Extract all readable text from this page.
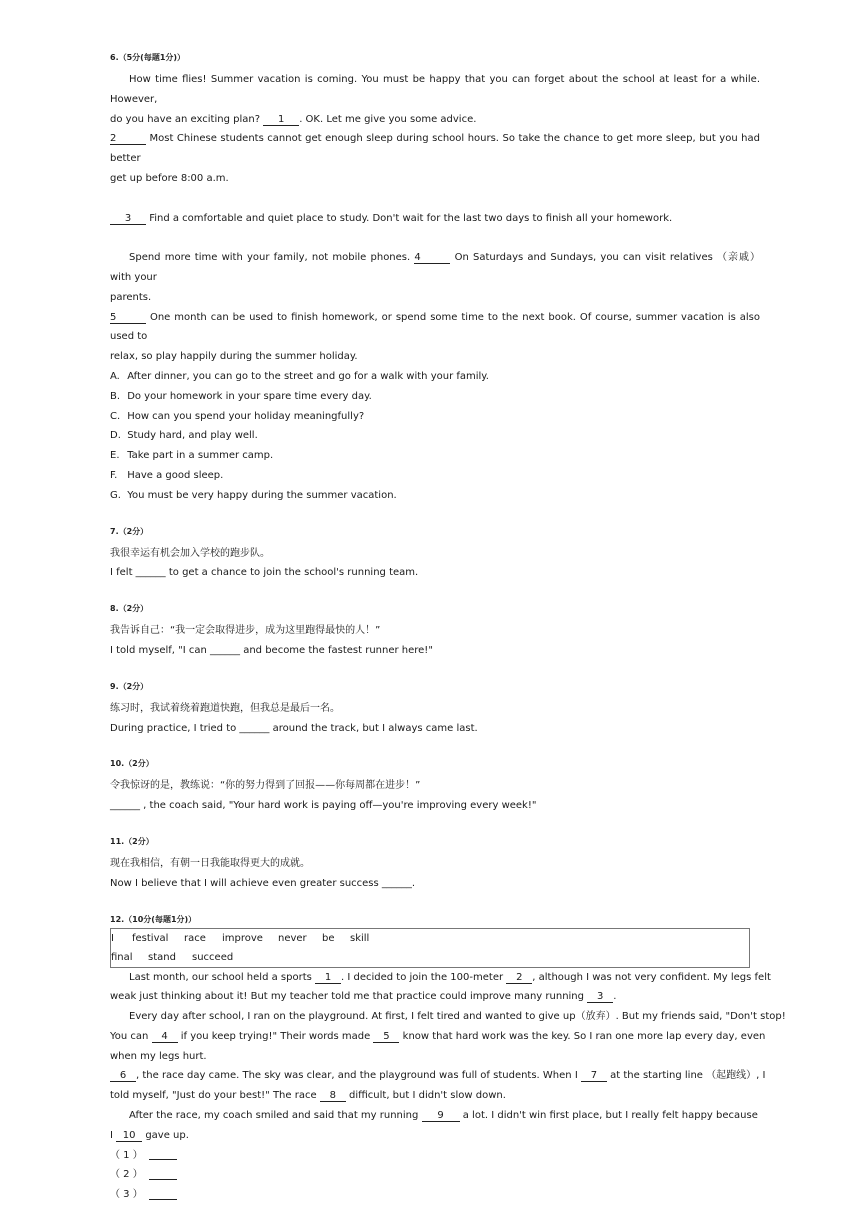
6.（5分(每题1分)）
How time flies! Summer vacation is coming. You must be happy that you can forget about the school at least for a while. However,
do you have an exciting plan? 1 . OK. Let me give you some advice.
2	Most Chinese students cannot get enough sleep during school hours. So take the chance to get more sleep, but you had better
get up before 8:00 a.m.
3 Find a comfortable and quiet place to study. Don't wait for the last two days to finish all your homework.
Spend more time with your family, not mobile phones. 4	On Saturdays and Sundays, you can visit relatives （亲戚） with your
parents.
5	One month can be used to finish homework, or spend some time to the next book. Of course, summer vacation is also used to
relax, so play happily during the summer holiday.
A. After dinner, you can go to the street and go for a walk with your family.
B. Do your homework in your spare time every day.
C. How can you spend your holiday meaningfully?
D. Study hard, and play well.
E. Take part in a summer camp.
F. Have a good sleep.
G. You must be very happy during the summer vacation.
7.（2分）
我很幸运有机会加入学校的跑步队。
I felt ______ to get a chance to join the school's running team.
8.（2分）
我告诉自己：“我一定会取得进步，成为这里跑得最快的人！”
I told myself, "I can ______ and become the fastest runner here!"
9.（2分）
练习时，我试着绕着跑道快跑，但我总是最后一名。
During practice, I tried to ______ around the track, but I always came last.
10.（2分）
令我惊讶的是，教练说：“你的努力得到了回报——你每周都在进步！”
______ , the coach said, "Your hard work is paying off—you're improving every week!"
11.（2分）
现在我相信，有朝一日我能取得更大的成就。
Now I believe that I will achieve even greater success ______.
12.（10分(每题1分)）
I festival race improve never be skill
final stand succeed
Last month, our school held a sports 1 . I decided to join the 100-meter 2 , although I was not very confident. My legs felt
weak just thinking about it! But my teacher told me that practice could improve many running 3 .
Every day after school, I ran on the playground. At first, I felt tired and wanted to give up（放弃）. But my friends said, "Don't stop!
You can 4 if you keep trying!" Their words made 5 know that hard work was the key. So I ran one more lap every day, even
when my legs hurt.
6 , the race day came. The sky was clear, and the playground was full of students. When I 7 at the starting line （起跑线）, I
told myself, "Just do your best!" The race 8 difficult, but I didn't slow down.
After the race, my coach smiled and said that my running 9 a lot. I didn't win first place, but I really felt happy because
I 10 gave up.
（ 1 ）
（ 2 ）
（ 3 ）
